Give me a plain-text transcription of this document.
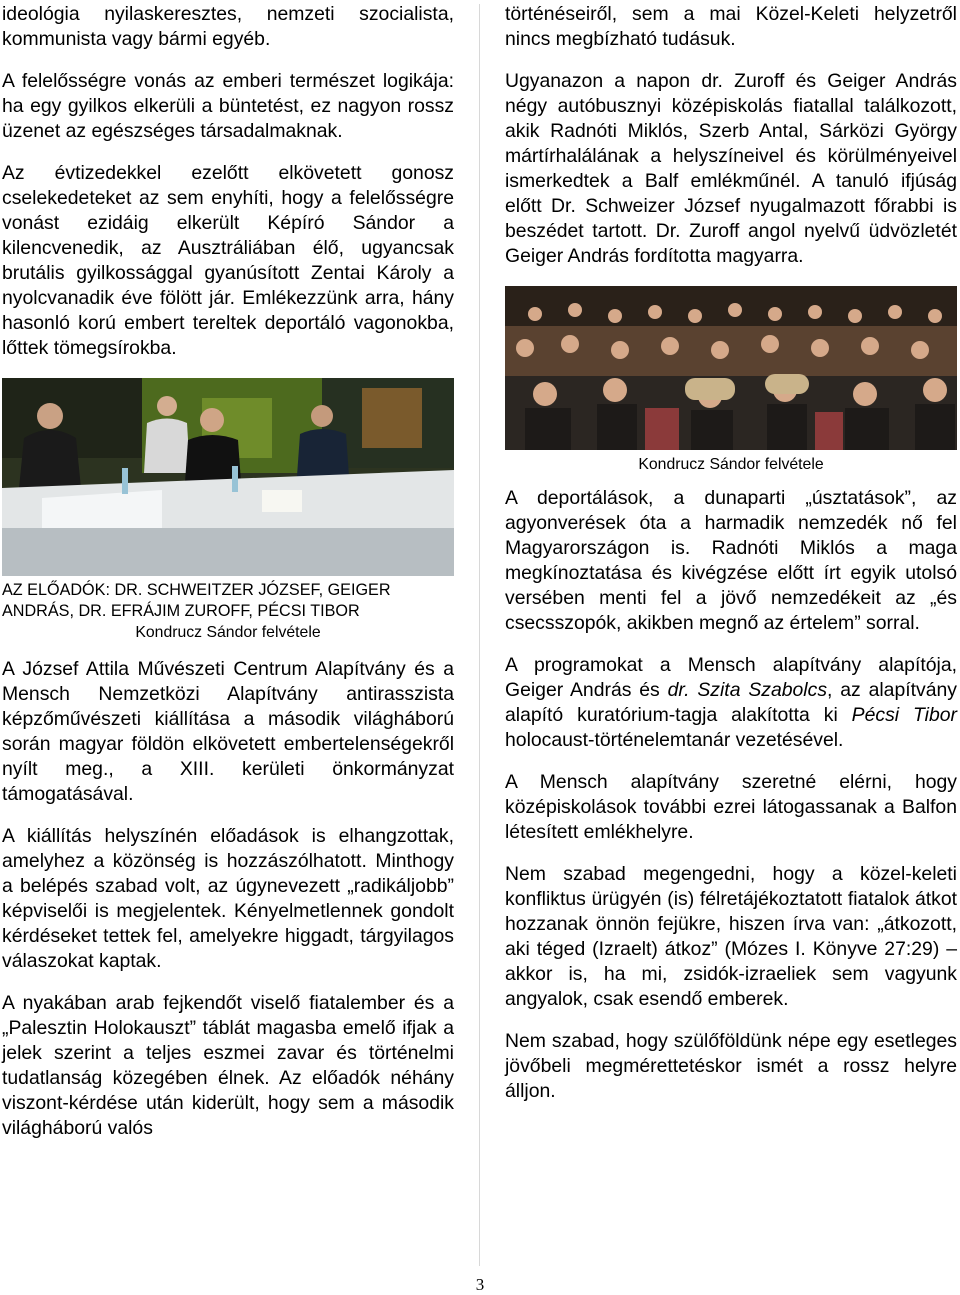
ideológia nyilaskeresztes, nemzeti szocialista, kommunista vagy bármi egyéb.

A felelősségre vonás az emberi természet logikája: ha egy gyilkos elkerüli a büntetést, ez nagyon rossz üzenet az egészséges társadalmaknak.

Az évtizedekkel ezelőtt elkövetett gonosz cselekedeteket az sem enyhíti, hogy a felelősségre vonást ezidáig elkerült Képíró Sándor a kilencvenedik, az Ausztráliában élő, ugyancsak brutális gyilkossággal gyanúsított Zentai Károly a nyolcvanadik éve fölött jár. Emlékezzünk arra, hány hasonló korú embert tereltek deportáló vagonokba, lőttek tömegsírokba.

AZ ELŐADÓK: DR. SCHWEITZER JÓZSEF, GEIGER ANDRÁS, DR. EFRÁJIM ZUROFF, PÉCSI TIBOR

Kondrucz Sándor felvétele

A József Attila Művészeti Centrum Alapítvány és a Mensch Nemzetközi Alapítvány antirasszista képzőművészeti kiállítása a második világháború során magyar földön elkövetett embertelenségekről nyílt meg., a XIII. kerületi önkormányzat támogatásával.

A kiállítás helyszínén előadások is elhangzottak, amelyhez a közönség is hozzászólhatott. Minthogy a belépés szabad volt, az úgynevezett „radikáljobb” képviselői is megjelentek. Kényelmetlennek gondolt kérdéseket tettek fel, amelyekre higgadt, tárgyilagos válaszokat kaptak.

A nyakában arab fejkendőt viselő fiatalember és a „Palesztin Holokauszt” táblát magasba emelő ifjak a jelek szerint a teljes eszmei zavar és történelmi tudatlanság közegében élnek. Az előadók néhány viszont-kérdése után kiderült, hogy sem a második világháború valós

történéseiről, sem a mai Közel-Keleti helyzetről nincs megbízható tudásuk.

Ugyanazon a napon dr. Zuroff és Geiger András négy autóbusznyi középiskolás fiatallal találkozott, akik Radnóti Miklós, Szerb Antal, Sárközi György mártírhalálának a helyszíneivel és körülményeivel ismerkedtek a Balf emlékműnél. A tanuló ifjúság előtt Dr. Schweizer József nyugalmazott főrabbi is beszédet tartott. Dr. Zuroff angol nyelvű üdvözletét Geiger András fordította magyarra.

Kondrucz Sándor felvétele

A deportálások, a dunaparti „úsztatások”, az agyonverések óta a harmadik nemzedék nő fel Magyarországon is. Radnóti Miklós a maga megkínoztatása és kivégzése előtt írt egyik utolsó versében menti fel a jövő nemzedékeit az „és csecsszopók, akikben megnő az értelem” sorral.

A programokat a Mensch alapítvány alapítója, Geiger András és dr. Szita Szabolcs, az alapítvány alapító kuratórium-tagja alakította ki Pécsi Tibor holocaust-történelemtanár vezetésével.

A Mensch alapítvány szeretné elérni, hogy középiskolások további ezrei látogassanak a Balfon létesített emlékhelyre.

Nem szabad megengedni, hogy a közel-keleti konfliktus ürügyén (is) félretájékoztatott fiatalok átkot hozzanak önnön fejükre, hiszen írva van: „átkozott, aki téged (Izraelt) átkoz” (Mózes I. Könyve 27:29) – akkor is, ha mi, zsidók-izraeliek sem vagyunk angyalok, csak esendő emberek.

Nem szabad, hogy szülőföldünk népe egy esetleges jövőbeli megmérettetéskor ismét a rossz helyre álljon.

3
